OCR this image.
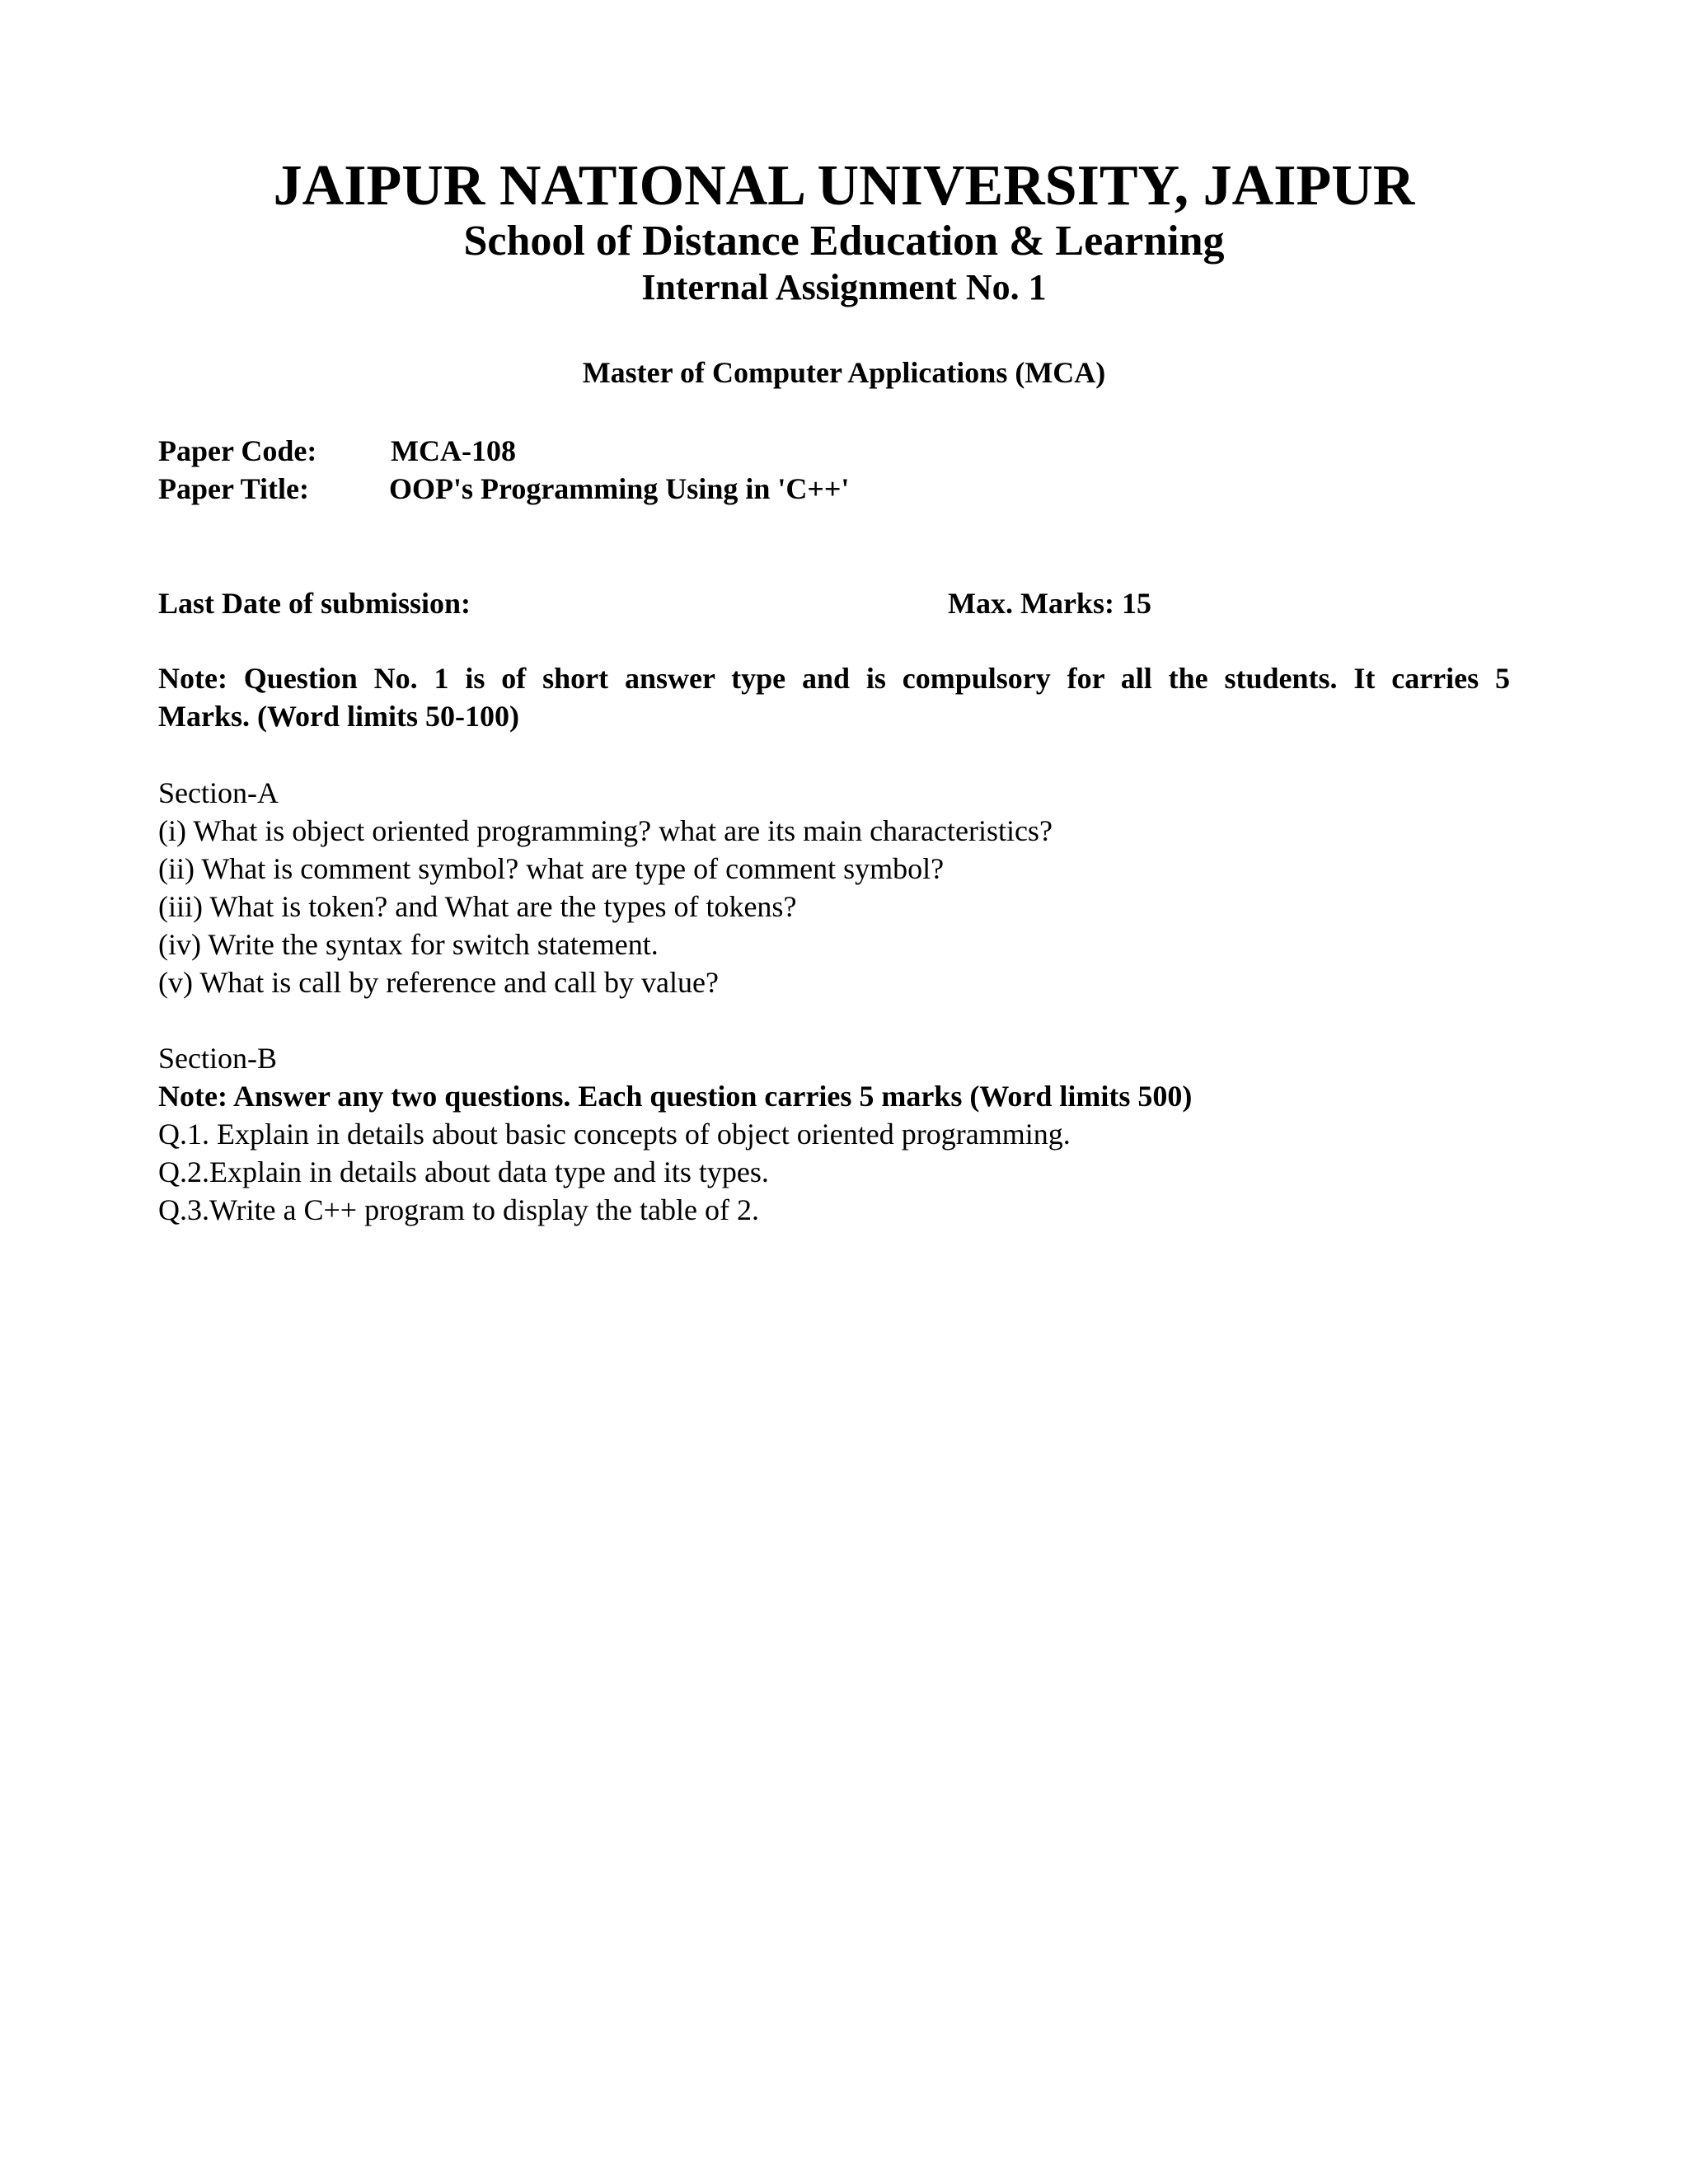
JAIPUR NATIONAL UNIVERSITY, JAIPUR
School of Distance Education & Learning
Internal Assignment No. 1
Master of Computer Applications (MCA)
Paper Code: MCA-108
Paper Title:	OOP's Programming Using in 'C++'
Last Date of submission:	Max. Marks: 15
Note: Question No. 1 is of short answer type and is compulsory for all the students. It carries 5
Marks. (Word limits 50-100)
Section-A
(i) What is object oriented programming? what are its main characteristics?
(ii) What is comment symbol? what are type of comment symbol?
(iii) What is token? and What are the types of tokens?
(iv) Write the syntax for switch statement.
(v) What is call by reference and call by value?
Section-B
Note: Answer any two questions. Each question carries 5 marks (Word limits 500)
Q.1. Explain in details about basic concepts of object oriented programming.
Q.2.Explain in details about data type and its types.
Q.3.Write a C++ program to display the table of 2.
